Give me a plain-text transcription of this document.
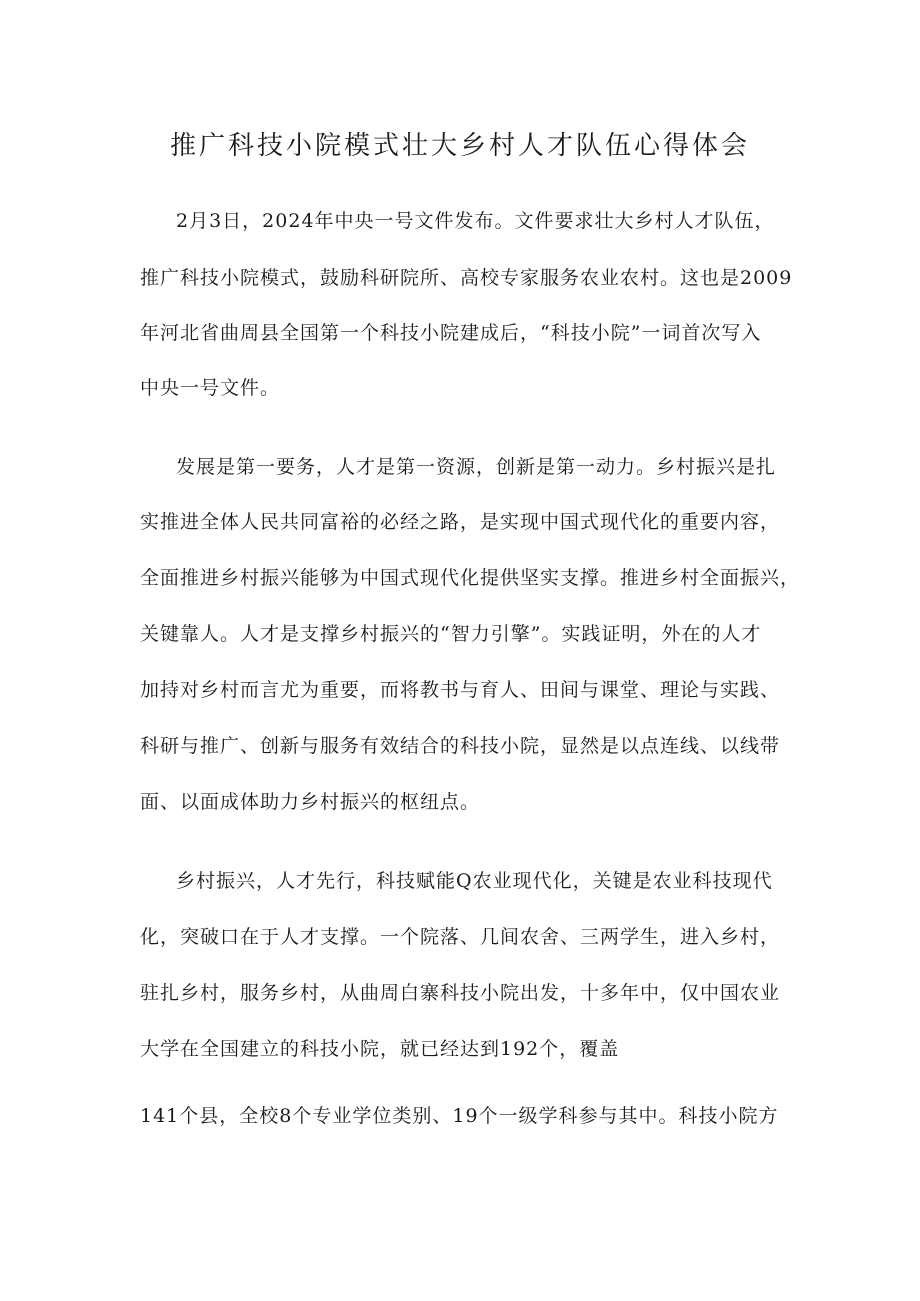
推广科技小院模式壮大乡村人才队伍心得体会
2月3日，2024年中央一号文件发布。文件要求壮大乡村人才队伍，
推广科技小院模式，鼓励科研院所、高校专家服务农业农村。这也是2009
年河北省曲周县全国第一个科技小院建成后，“科技小院”一词首次写入
中央一号文件。
发展是第一要务，人才是第一资源，创新是第一动力。乡村振兴是扎
实推进全体人民共同富裕的必经之路，是实现中国式现代化的重要内容，
全面推进乡村振兴能够为中国式现代化提供坚实支撑。推进乡村全面振兴，
关键靠人。人才是支撑乡村振兴的“智力引擎”。实践证明，外在的人才
加持对乡村而言尤为重要，而将教书与育人、田间与课堂、理论与实践、
科研与推广、创新与服务有效结合的科技小院，显然是以点连线、以线带
面、以面成体助力乡村振兴的枢纽点。
乡村振兴，人才先行，科技赋能Q农业现代化，关键是农业科技现代
化，突破口在于人才支撑。一个院落、几间农舍、三两学生，进入乡村，
驻扎乡村，服务乡村，从曲周白寨科技小院出发，十多年中，仅中国农业
大学在全国建立的科技小院，就已经达到192个，覆盖
141个县，全校8个专业学位类别、19个一级学科参与其中。科技小院方
